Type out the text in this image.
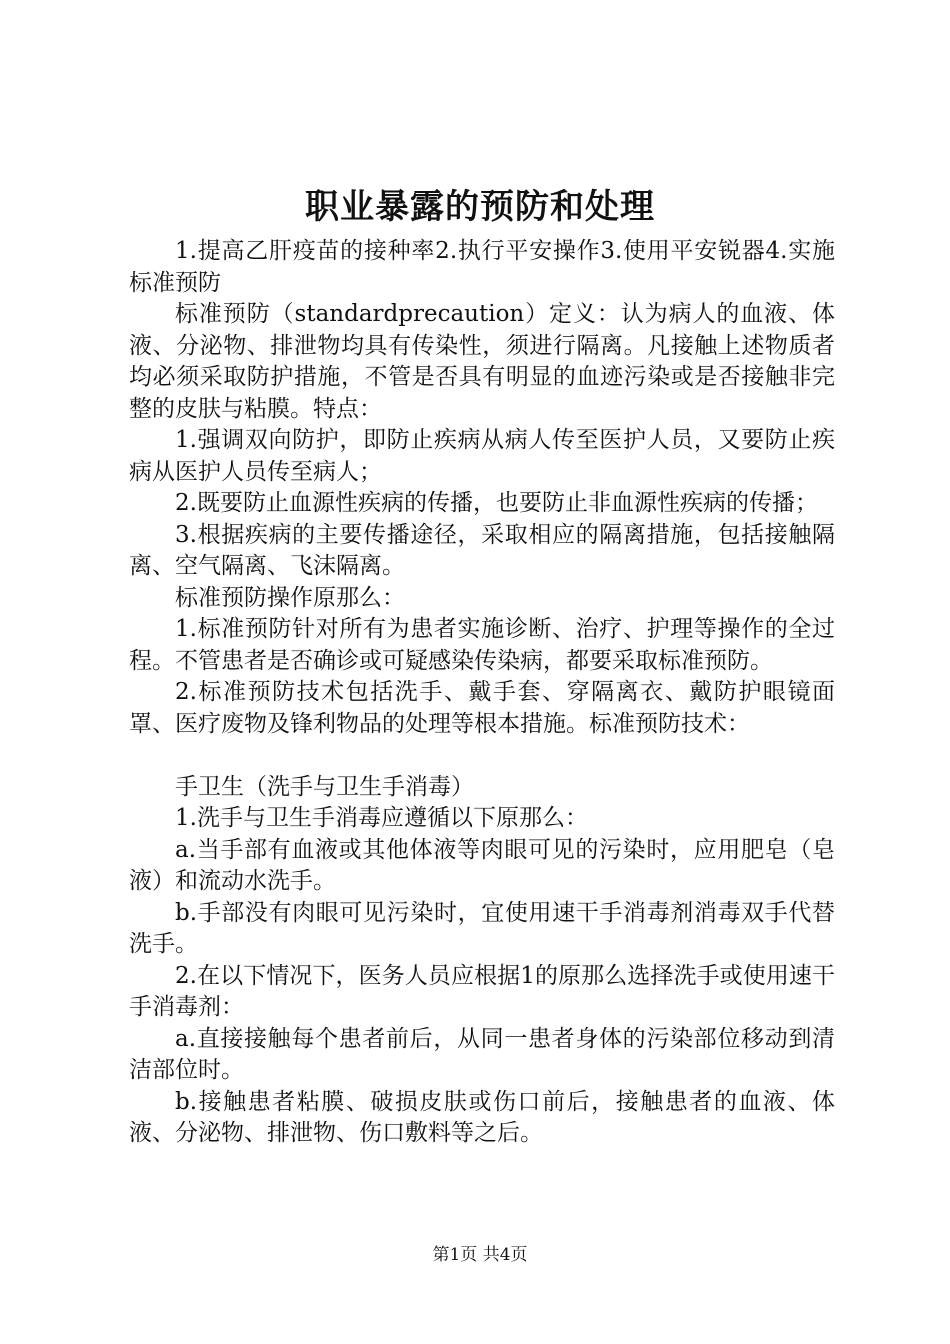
职业暴露的预防和处理

1.提高乙肝疫苗的接种率2.执行平安操作3.使用平安锐器4.实施标准预防

标准预防（standardprecaution）定义：认为病人的血液、体液、分泌物、排泄物均具有传染性，须进行隔离。凡接触上述物质者均必须采取防护措施，不管是否具有明显的血迹污染或是否接触非完整的皮肤与粘膜。特点：

1.强调双向防护，即防止疾病从病人传至医护人员，又要防止疾病从医护人员传至病人；

2.既要防止血源性疾病的传播，也要防止非血源性疾病的传播；

3.根据疾病的主要传播途径，采取相应的隔离措施，包括接触隔离、空气隔离、飞沫隔离。

标准预防操作原那么：

1.标准预防针对所有为患者实施诊断、治疗、护理等操作的全过程。不管患者是否确诊或可疑感染传染病，都要采取标准预防。

2.标准预防技术包括洗手、戴手套、穿隔离衣、戴防护眼镜面罩、医疗废物及锋利物品的处理等根本措施。标准预防技术：

手卫生（洗手与卫生手消毒）

1.洗手与卫生手消毒应遵循以下原那么：

a.当手部有血液或其他体液等肉眼可见的污染时，应用肥皂（皂液）和流动水洗手。

b.手部没有肉眼可见污染时，宜使用速干手消毒剂消毒双手代替洗手。

2.在以下情况下，医务人员应根据1的原那么选择洗手或使用速干手消毒剂：

a.直接接触每个患者前后，从同一患者身体的污染部位移动到清洁部位时。

b.接触患者粘膜、破损皮肤或伤口前后，接触患者的血液、体液、分泌物、排泄物、伤口敷料等之后。

第1页 共4页
